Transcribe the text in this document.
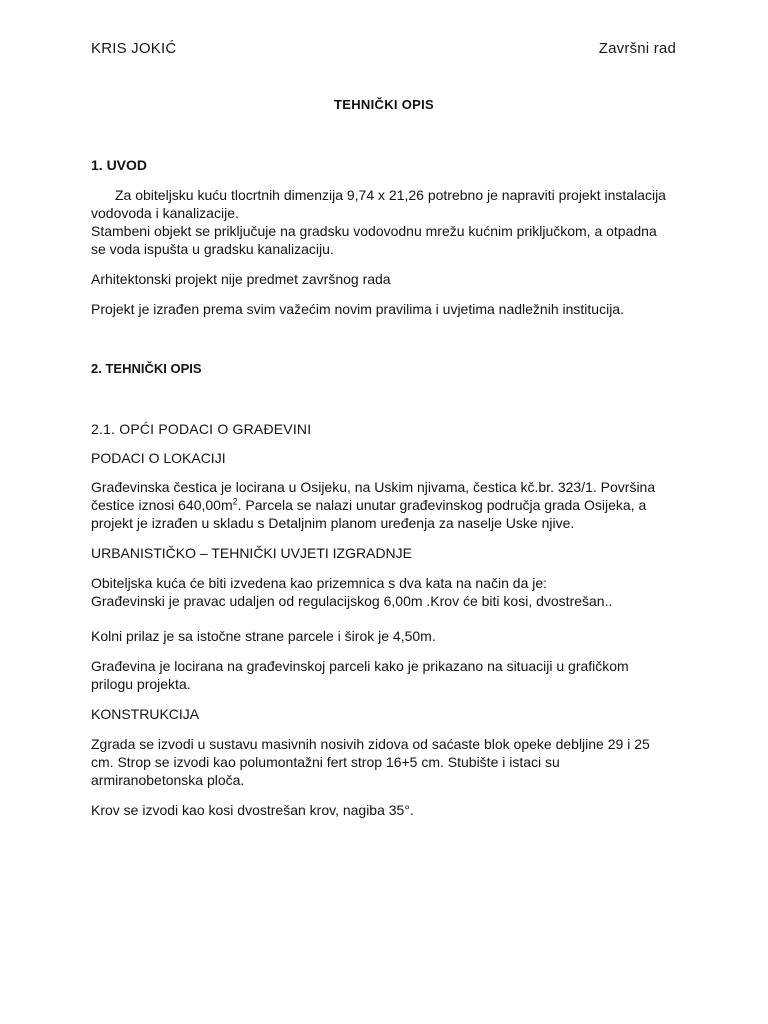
KRIS JOKIĆ	Završni rad
TEHNIČKI OPIS
1. UVOD
Za obiteljsku kuću tlocrtnih dimenzija 9,74 x 21,26 potrebno je napraviti projekt instalacija
vodovoda i kanalizacije.
Stambeni objekt se priključuje na gradsku vodovodnu mrežu kućnim priključkom, a otpadna
se voda ispušta u gradsku kanalizaciju.
Arhitektonski projekt nije predmet završnog rada
Projekt je izrađen prema svim važećim novim pravilima i uvjetima nadležnih institucija.
2. TEHNIČKI OPIS
2.1. OPĆI PODACI O GRAĐEVINI
PODACI O LOKACIJI
Građevinska čestica je locirana u Osijeku, na Uskim njivama, čestica kč.br. 323/1. Površina
čestice iznosi $640,00m^2$. Parcela se nalazi unutar građevinskog područja grada Osijeka, a
projekt je izrađen u skladu s Detaljnim planom uređenja za naselje Uske njive.
URBANISTIČKO – TEHNIČKI UVJETI IZGRADNJE
Obiteljska kuća će biti izvedena kao prizemnica s dva kata na način da je:
Građevinski je pravac udaljen od regulacijskog 6,00m .Krov će biti kosi, dvostrešan..
Kolni prilaz je sa istočne strane parcele i širok je 4,50m.
Građevina je locirana na građevinskoj parceli kako je prikazano na situaciji u grafičkom
prilogu projekta.
KONSTRUKCIJA
Zgrada se izvodi u sustavu masivnih nosivih zidova od saćaste blok opeke debljine 29 i 25
cm. Strop se izvodi kao polumontažni fert strop 16+5 cm. Stubište i istaci su
armiranobetonska ploča.
Krov se izvodi kao kosi dvostrešan krov, nagiba 35°.
